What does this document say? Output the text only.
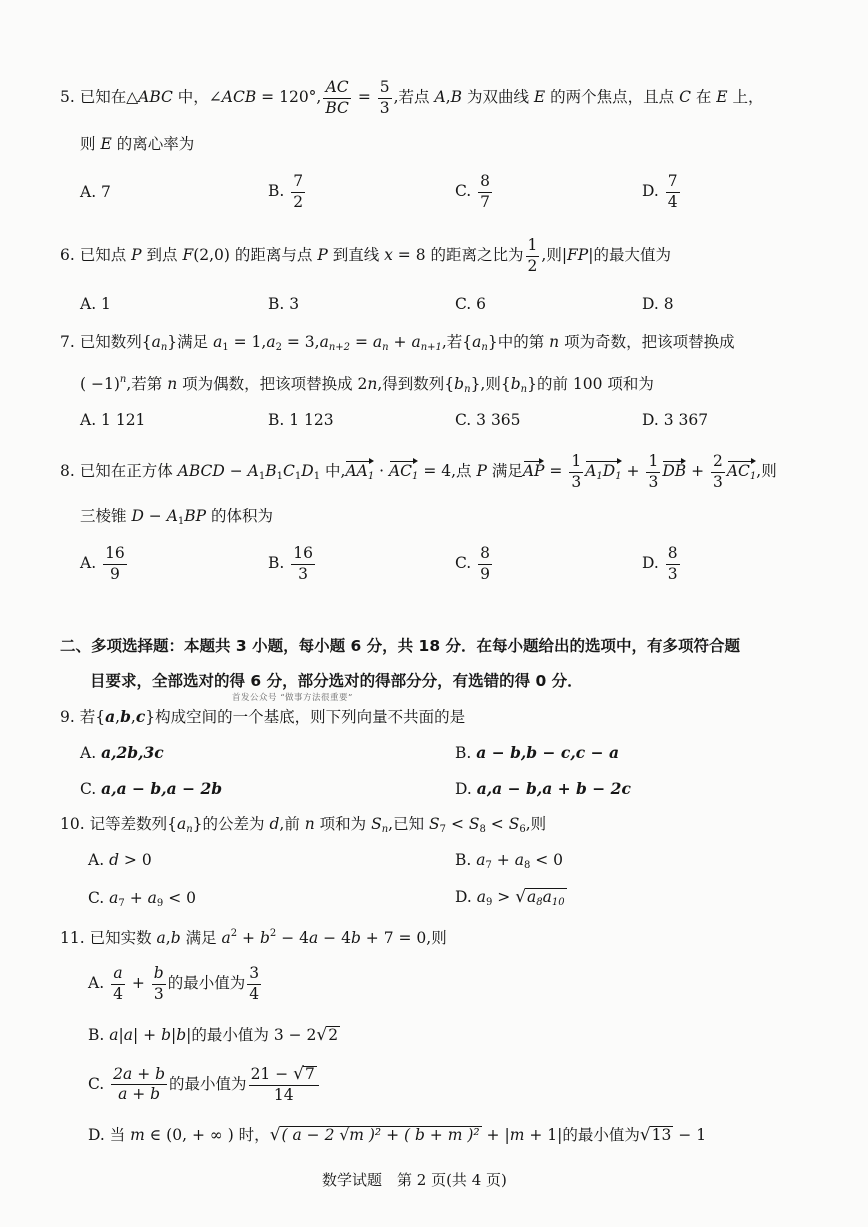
5. 已知在△ABC 中，∠ACB = 120°, $\frac{AC}{BC} = \frac{5}{3}$ ,若点 A,B 为双曲线 E 的两个焦点，且点 C 在 E 上，
则 E 的离心率为
A. 7	B. $\frac{7}{2}$	C. $\frac{8}{7}$	D. $\frac{7}{4}$
6. 已知点 P 到点 F(2,0) 的距离与点 P 到直线 x = 8 的距离之比为 $\frac{1}{2}$ ,则|FP|的最大值为
A. 1	B. 3	C. 6	D. 8
7. 已知数列$\{a_n\}$满足 $a_1 = 1,a_2 = 3,a_{n+2} = a_n + a_{n+1}$,若$\{a_n\}$中的第 n 项为奇数，把该项替换成
( −1)$^n$,若第 n 项为偶数，把该项替换成 2n,得到数列$\{b_n\}$,则$\{b_n\}$的前 100 项和为
A. 1 121	B. 1 123	C. 3 365	D. 3 367
8. 已知在正方体 ABCD − $A_1B_1C_1D_1$ 中$,AA_1 \cdot AC_1 = 4$,点 P 满足AP = $\frac{1}{3} A_1D_1 + \frac{1}{3}$ DB + $\frac{2}{3} AC_1$,则
三棱锥 $D - A_1BP$ 的体积为
A. $\frac{16}{9}$	B. $\frac{16}{3}$	C. $\frac{8}{9}$	D. $\frac{8}{3}$
二、多项选择题：本题共 3 小题，每小题 6 分，共 18 分．在每小题给出的选项中，有多项符合题
目要求，全部选对的得 6 分，部分选对的得部分分，有选错的得 0 分．
首发公众号 “做事方法很重要”
9. 若{a,b,c}构成空间的一个基底，则下列向量不共面的是
A. a,2b,3c	B. a − b,b − c,c − a
C. a,a − b,a − 2b	D. a,a − b,a + b − 2c
10. 记等差数列$\{a_n\}$的公差为 d,前 n 项和为 $S_n$,已知 $S_7 < S_8 < S_6$,则
A. d > 0	B. $a_7 + a_8 < 0$
C. $a_7 + a_9 < 0$	D. $a_9 > √a_8a_{10}$
11. 已知实数 a,b 满足 $a^2 + b^2 - 4a - 4b + 7 = 0$,则
A. $\frac{a}{4} + \frac{b}{3}$ 的最小值为 $\frac{3}{4}$
B. a|a| + b|b|的最小值为 3 − 2√2
C. $\frac{2a + b}{a + b}$ 的最小值为 $\frac{21 - √7}{14}$
D. 当 m ∈ (0, + ∞ ) 时，√( a − 2 √m )² + ( b + m )² + |m + 1|的最小值为√13 − 1
数学试题　第 2 页(共 4 页)
